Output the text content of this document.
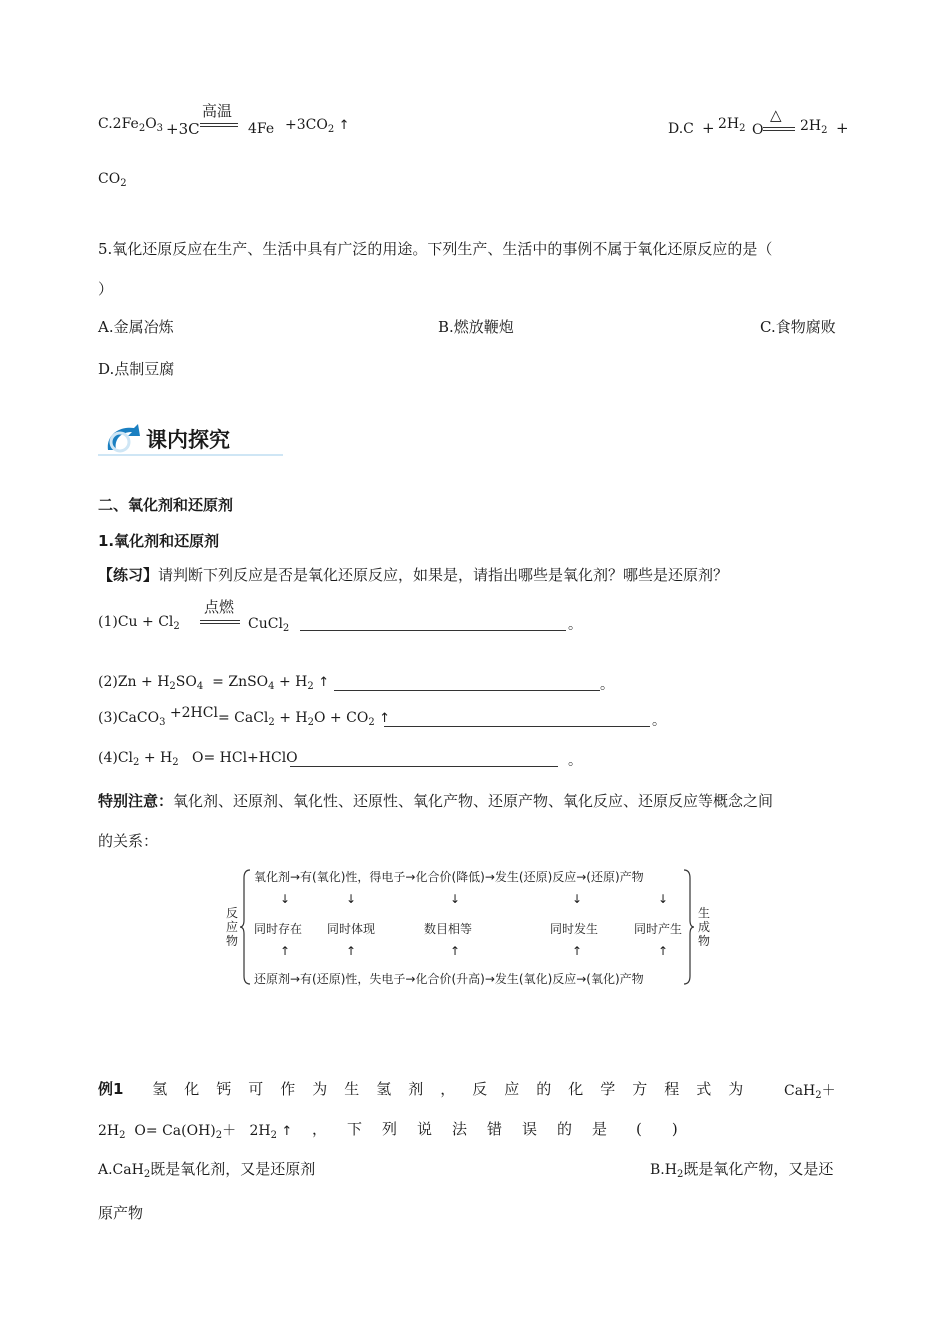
$C.2Fe_2O_3 +3C$
高温
$4Fe +3CO_2$ ↑	$D.C + 2H_2$ O
△
$2H_2$ +
$CO_2$
5.氧化还原反应在生产、生活中具有广泛的用途。下列生产、生活中的事例不属于氧化还原反应的是（
）
A.金属冶炼	B.燃放鞭炮	C.食物腐败
D.点制豆腐
课内探究
二、氧化剂和还原剂
1.氧化剂和还原剂
【练习】请判断下列反应是否是氧化还原反应，如果是，请指出哪些是氧化剂？哪些是还原剂？
$(1)Cu + Cl_2$
点燃
CuCl$_2$	。
$(2)Zn + H_2SO_4$ = ZnSO$_4$ + $H_2$ ↑	。
(3)CaCO$_3$ +2HCl= CaCl$_2$ + $H_2O + CO_2$ ↑	。
$(4)Cl_2 + H_2$ O= HCl+HClO	。
特别注意：氧化剂、还原剂、氧化性、还原性、氧化产物、还原产物、氧化反应、还原反应等概念之间
的关系：
反
应
物
氧化剂→有(氧化)性，得电子→化合价(降低)→发生(还原)反应→(还原)产物
↓	↓	↓	↓	↓
同时存在 同时体现	数目相等	同时发生	同时产生
↑	↑	↑	↑	↑
还原剂→有(还原)性，失电子→化合价(升高)→发生(氧化)反应→(氧化)产物
生
成
物
例1 氢化钙可作为生氢剂，反应的化学方程式为 CaH$_2$＋
$2H_2$ $O= Ca(OH)_2+ 2H_2$ ↑ ，下列说法错误的是 (　　)
A.CaH$_2$既是氧化剂，又是还原剂	$B.H_2$既是氧化产物，又是还
原产物
